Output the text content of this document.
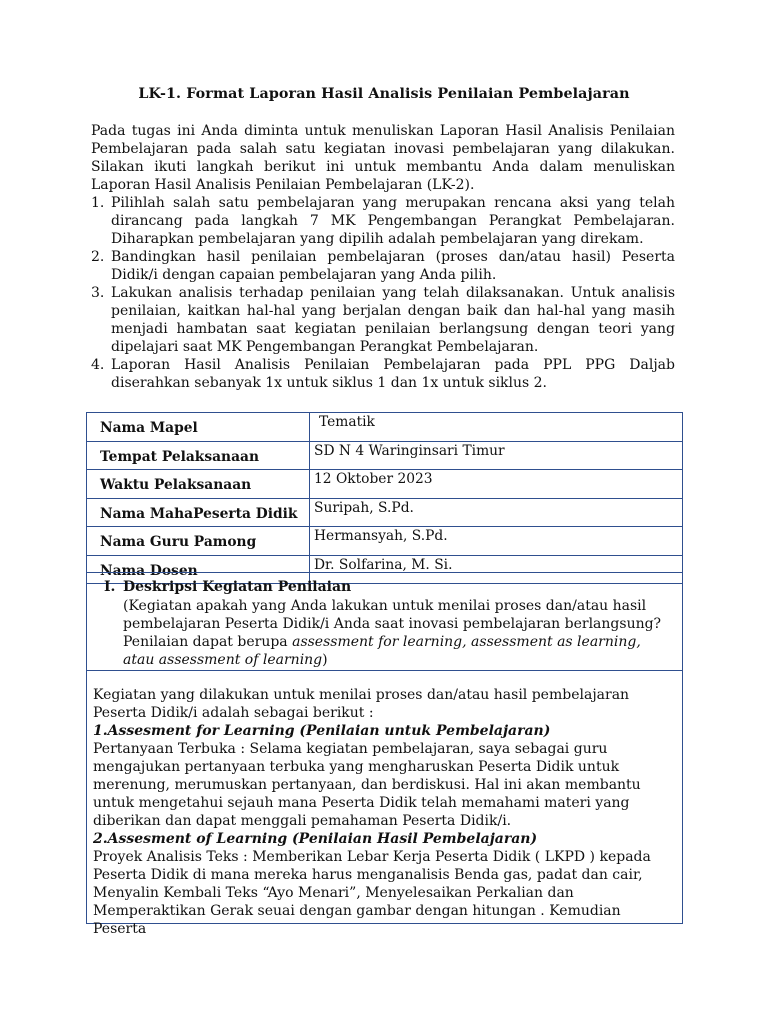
LK-1. Format Laporan Hasil Analisis Penilaian Pembelajaran

Pada tugas ini Anda diminta untuk menuliskan Laporan Hasil Analisis Penilaian Pembelajaran pada salah satu kegiatan inovasi pembelajaran yang dilakukan. Silakan ikuti langkah berikut ini untuk membantu Anda dalam menuliskan Laporan Hasil Analisis Penilaian Pembelajaran (LK-2).

1. Pilihlah salah satu pembelajaran yang merupakan rencana aksi yang telah dirancang pada langkah 7 MK Pengembangan Perangkat Pembelajaran. Diharapkan pembelajaran yang dipilih adalah pembelajaran yang direkam.
2. Bandingkan hasil penilaian pembelajaran (proses dan/atau hasil) Peserta Didik/i dengan capaian pembelajaran yang Anda pilih.
3. Lakukan analisis terhadap penilaian yang telah dilaksanakan. Untuk analisis penilaian, kaitkan hal-hal yang berjalan dengan baik dan hal-hal yang masih menjadi hambatan saat kegiatan penilaian berlangsung dengan teori yang dipelajari saat MK Pengembangan Perangkat Pembelajaran.
4. Laporan Hasil Analisis Penilaian Pembelajaran pada PPL PPG Daljab diserahkan sebanyak 1x untuk siklus 1 dan 1x untuk siklus 2.
Nama Mapel	Tematik
Tempat Pelaksanaan	SD N 4 Waringinsari Timur
Waktu Pelaksanaan	12 Oktober 2023
Nama MahaPeserta Didik	Suripah, S.Pd.
Nama Guru Pamong	Hermansyah, S.Pd.
Nama Dosen	Dr. Solfarina, M. Si.
I. Deskripsi Kegiatan Penilaian

(Kegiatan apakah yang Anda lakukan untuk menilai proses dan/atau hasil pembelajaran Peserta Didik/i Anda saat inovasi pembelajaran berlangsung? Penilaian dapat berupa assessment for learning, assessment as learning, atau assessment of learning)

Kegiatan yang dilakukan untuk menilai proses dan/atau hasil pembelajaran Peserta Didik/i adalah sebagai berikut :

1.Assesment for Learning (Penilaian untuk Pembelajaran)

Pertanyaan Terbuka : Selama kegiatan pembelajaran, saya sebagai guru mengajukan pertanyaan terbuka yang mengharuskan Peserta Didik untuk merenung, merumuskan pertanyaan, dan berdiskusi. Hal ini akan membantu untuk mengetahui sejauh mana Peserta Didik telah memahami materi yang diberikan dan dapat menggali pemahaman Peserta Didik/i.

2.Assesment of Learning (Penilaian Hasil Pembelajaran)

Proyek Analisis Teks : Memberikan Lebar Kerja Peserta Didik ( LKPD ) kepada Peserta Didik di mana mereka harus menganalisis Benda gas, padat dan cair, Menyalin Kembali Teks “Ayo Menari”, Menyelesaikan Perkalian dan Memperaktikan Gerak seuai dengan gambar dengan hitungan . Kemudian Peserta
